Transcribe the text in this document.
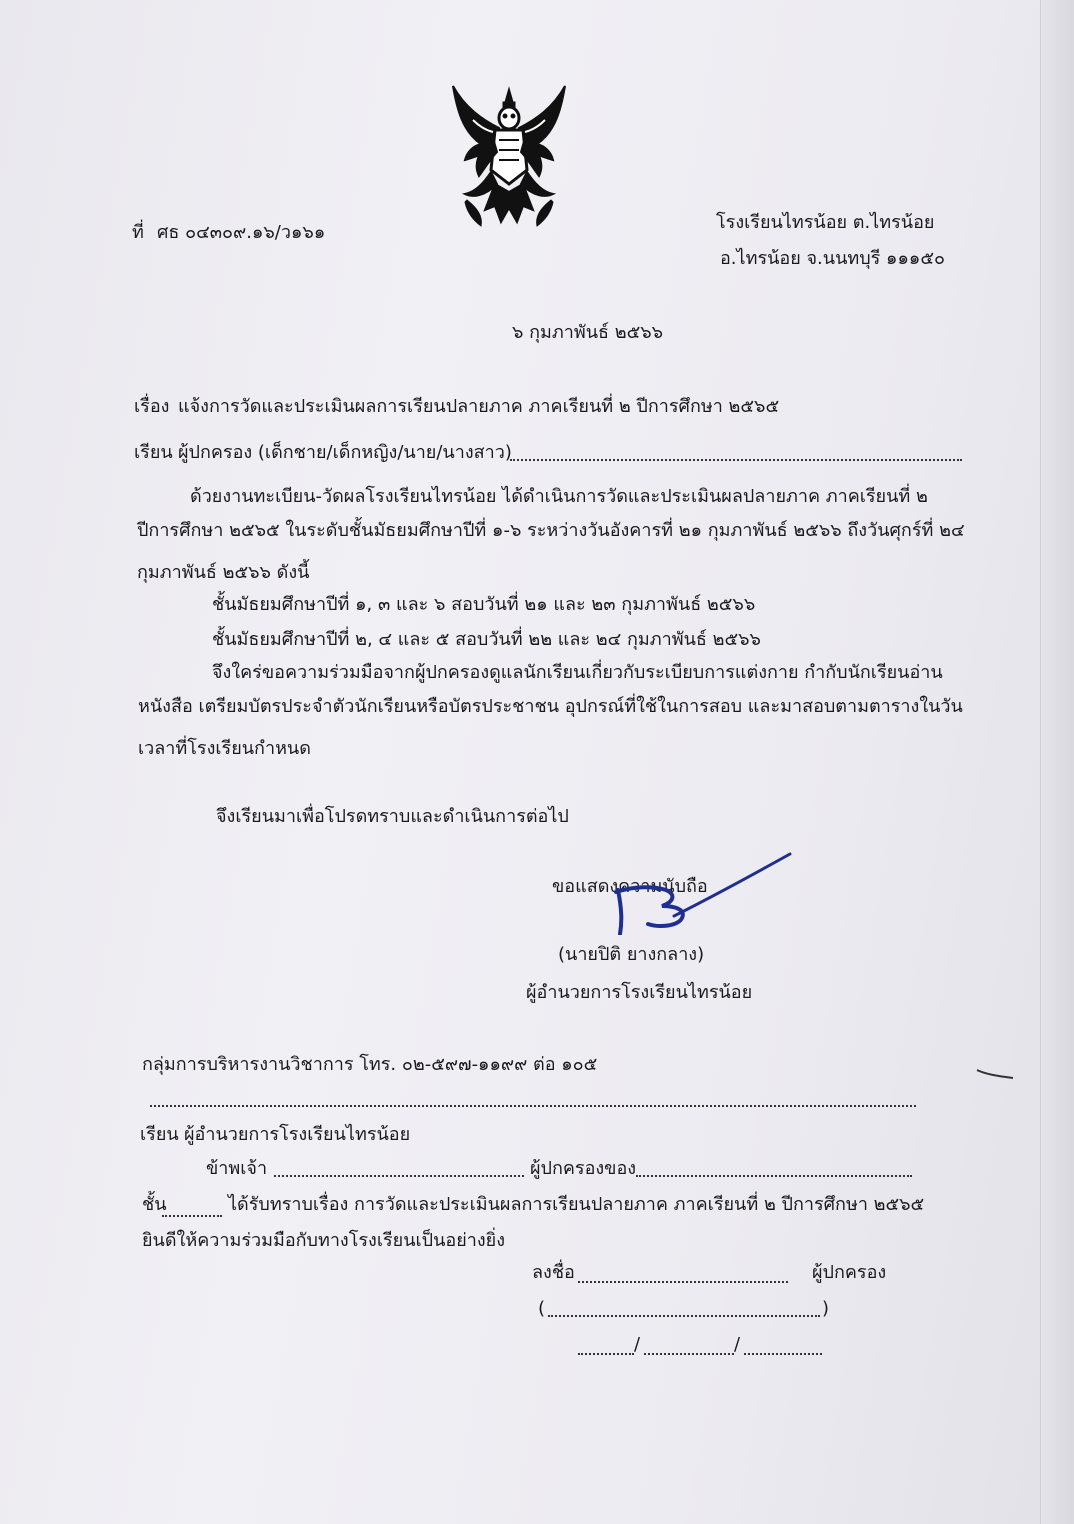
ที่ ศธ ๐๔๓๐๙.๑๖/ว๑๖๑	โรงเรียนไทรน้อย ต.ไทรน้อย
อ.ไทรน้อย จ.นนทบุรี ๑๑๑๕๐
๖ กุมภาพันธ์ ๒๕๖๖
เรื่อง แจ้งการวัดและประเมินผลการเรียนปลายภาค ภาคเรียนที่ ๒ ปีการศึกษา ๒๕๖๕
เรียน ผู้ปกครอง (เด็กชาย/เด็กหญิง/นาย/นางสาว)
ด้วยงานทะเบียน-วัดผลโรงเรียนไทรน้อย ได้ดำเนินการวัดและประเมินผลปลายภาค ภาคเรียนที่ ๒
ปีการศึกษา ๒๕๖๕ ในระดับชั้นมัธยมศึกษาปีที่ ๑-๖ ระหว่างวันอังคารที่ ๒๑ กุมภาพันธ์ ๒๕๖๖ ถึงวันศุกร์ที่ ๒๔
กุมภาพันธ์ ๒๕๖๖ ดังนี้
ชั้นมัธยมศึกษาปีที่ ๑, ๓ และ ๖ สอบวันที่ ๒๑ และ ๒๓ กุมภาพันธ์ ๒๕๖๖
ชั้นมัธยมศึกษาปีที่ ๒, ๔ และ ๕ สอบวันที่ ๒๒ และ ๒๔ กุมภาพันธ์ ๒๕๖๖
จึงใคร่ขอความร่วมมือจากผู้ปกครองดูแลนักเรียนเกี่ยวกับระเบียบการแต่งกาย กำกับนักเรียนอ่าน
หนังสือ เตรียมบัตรประจำตัวนักเรียนหรือบัตรประชาชน อุปกรณ์ที่ใช้ในการสอบ และมาสอบตามตารางในวัน
เวลาที่โรงเรียนกำหนด
จึงเรียนมาเพื่อโปรดทราบและดำเนินการต่อไป
ขอแสดงความนับถือ
(นายปิติ ยางกลาง)
ผู้อำนวยการโรงเรียนไทรน้อย
กลุ่มการบริหารงานวิชาการ โทร. ๐๒-๕๙๗-๑๑๙๙ ต่อ ๑๐๕
เรียน ผู้อำนวยการโรงเรียนไทรน้อย
ข้าพเจ้า	ผู้ปกครองของ
ชั้น	ได้รับทราบเรื่อง การวัดและประเมินผลการเรียนปลายภาค ภาคเรียนที่ ๒ ปีการศึกษา ๒๕๖๕
ยินดีให้ความร่วมมือกับทางโรงเรียนเป็นอย่างยิ่ง
ลงชื่อ	ผู้ปกครอง
(	)
/	/
